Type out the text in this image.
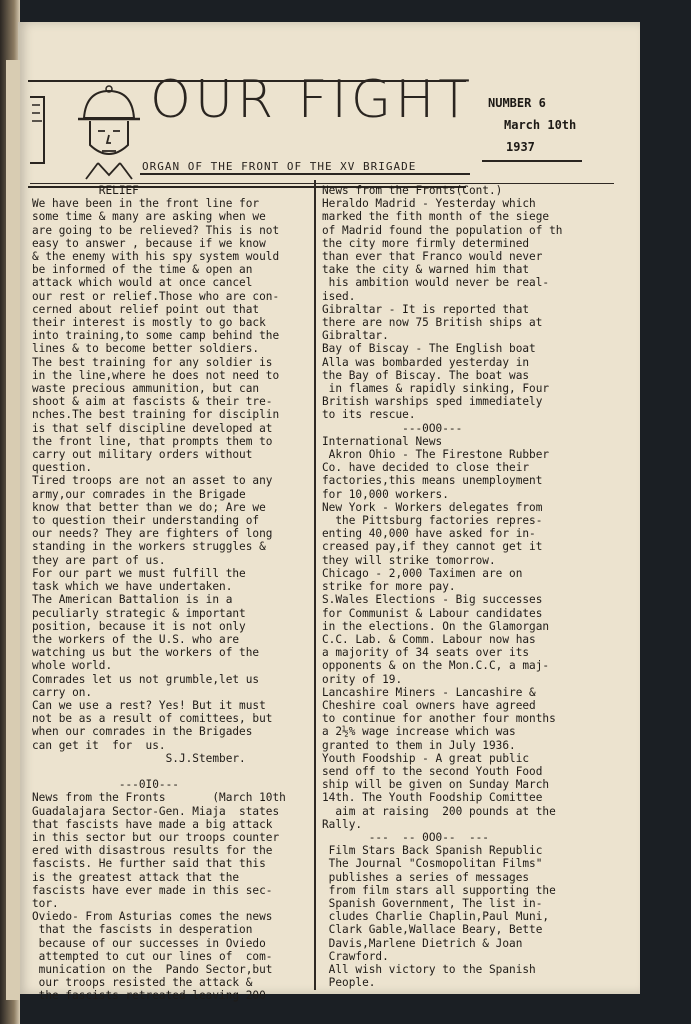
OUR FIGHT
ORGAN OF THE FRONT OF THE XV BRIGADE
NUMBER 6
March 10th
1937
RELIEF
We have been in the front line for
some time & many are asking when we
are going to be relieved? This is not
easy to answer , because if we know
& the enemy with his spy system would
be informed of the time & open an
attack which would at once cancel
our rest or relief.Those who are con-
cerned about relief point out that
their interest is mostly to go back
into training,to some camp behind the
lines & to become better soldiers.
The best training for any soldier is
in the line,where he does not need to
waste precious ammunition, but can
shoot & aim at fascists & their tre-
nches.The best training for disciplin
is that self discipline developed at
the front line, that prompts them to
carry out military orders without
question.
Tired troops are not an asset to any
army,our comrades in the Brigade
know that better than we do; Are we
to question their understanding of
our needs? They are fighters of long
standing in the workers struggles &
they are part of us.
For our part we must fulfill the
task which we have undertaken.
The American Battalion is in a
peculiarly strategic & important
position, because it is not only
the workers of the U.S. who are
watching us but the workers of the
whole world.
Comrades let us not grumble,let us
carry on.
Can we use a rest? Yes! But it must
not be as a result of comittees, but
when our comrades in the Brigades
can get it  for  us.
S.J.Stember.

---0I0---
News from the Fronts       (March 10th
Guadalajara Sector-Gen. Miaja  states
that fascists have made a big attack
in this sector but our troops counter
ered with disastrous results for the
fascists. He further said that this
is the greatest attack that the
fascists have ever made in this sec-
tor.
Oviedo- From Asturias comes the news
that the fascists in desperation
because of our successes in Oviedo
attempted to cut our lines of  com-
munication on the  Pando Sector,but
our troops resisted the attack &
the fascists retreated leaving 200
News from the Fronts(Cont.)
Heraldo Madrid - Yesterday which
marked the fith month of the siege
of Madrid found the population of th
the city more firmly determined
than ever that Franco would never
take the city & warned him that
his ambition would never be real-
ised.
Gibraltar - It is reported that
there are now 75 British ships at
Gibraltar.
Bay of Biscay - The English boat
Alla was bombarded yesterday in
the Bay of Biscay. The boat was
in flames & rapidly sinking, Four
British warships sped immediately
to its rescue.
---0O0---
International News
Akron Ohio - The Firestone Rubber
Co. have decided to close their
factories,this means unemployment
for 10,000 workers.
New York - Workers delegates from
the Pittsburg factories repres-
enting 40,000 have asked for in-
creased pay,if they cannot get it
they will strike tomorrow.
Chicago - 2,000 Taximen are on
strike for more pay.
S.Wales Elections - Big successes
for Communist & Labour candidates
in the elections. On the Glamorgan
C.C. Lab. & Comm. Labour now has
a majority of 34 seats over its
opponents & on the Mon.C.C, a maj-
ority of 19.
Lancashire Miners - Lancashire &
Cheshire coal owners have agreed
to continue for another four months
a 2½% wage increase which was
granted to them in July 1936.
Youth Foodship - A great public
send off to the second Youth Food
ship will be given on Sunday March
14th. The Youth Foodship Comittee
aim at raising  200 pounds at the
Rally.
---  -- 0O0--  ---
Film Stars Back Spanish Republic
The Journal "Cosmopolitan Films"
publishes a series of messages
from film stars all supporting the
Spanish Government, The list in-
cludes Charlie Chaplin,Paul Muni,
Clark Gable,Wallace Beary, Bette
Davis,Marlene Dietrich & Joan
Crawford.
All wish victory to the Spanish
People.
